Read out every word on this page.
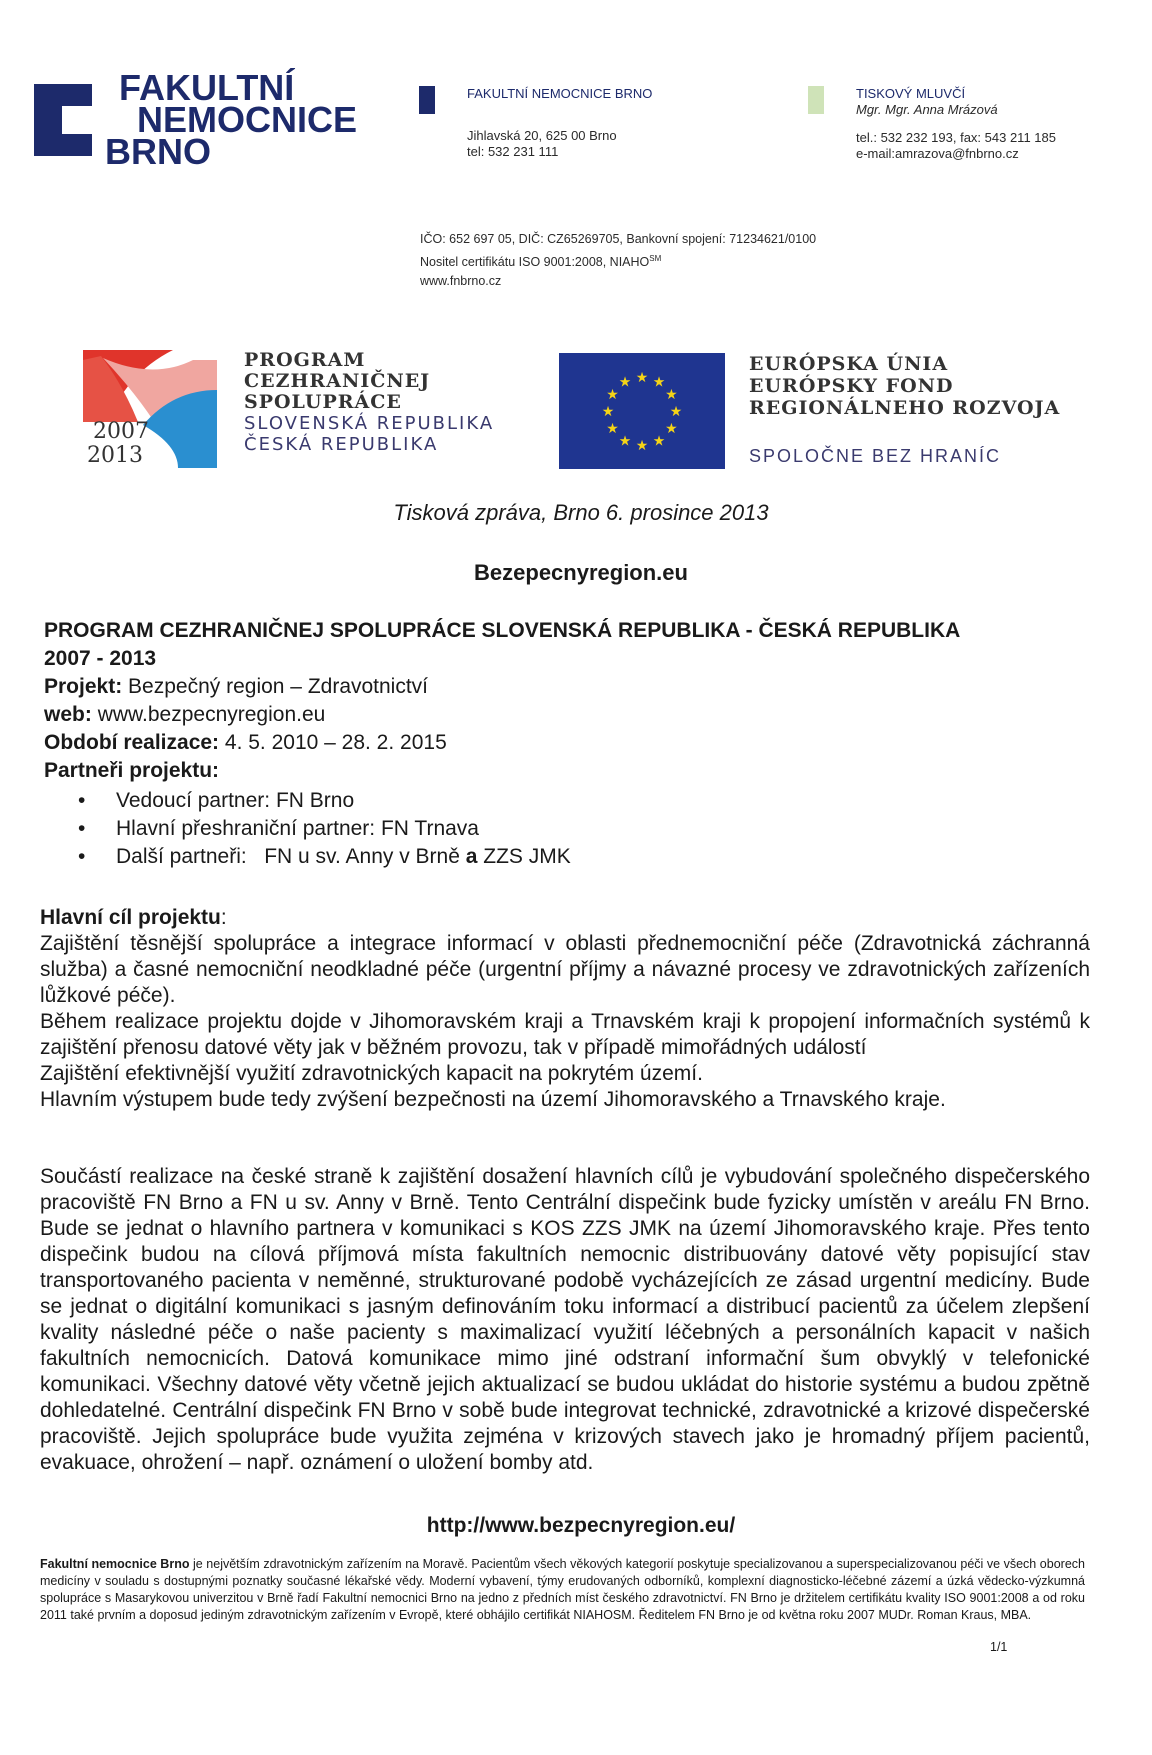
FAKULTNÍ
NEMOCNICE
BRNO
FAKULTNÍ NEMOCNICE BRNO
Jihlavská 20, 625 00 Brno
tel: 532 231 111
TISKOVÝ MLUVČÍ
Mgr. Mgr. Anna Mrázová
tel.: 532 232 193, fax: 543 211 185
e-mail:amrazova@fnbrno.cz
IČO: 652 697 05, DIČ: CZ65269705, Bankovní spojení: 71234621/0100
Nositel certifikátu ISO 9001:2008, NIAHO℠
www.fnbrno.cz
2007
2013
PROGRAM
CEZHRANIČNEJ
SPOLUPRÁCE
SLOVENSKÁ REPUBLIKA
ČESKÁ REPUBLIKA
★ ★
★
★
★
★
★
★
★
★
★
★
EURÓPSKA ÚNIA
EURÓPSKY FOND
REGIONÁLNEHO ROZVOJA
SPOLOČNE BEZ HRANÍC
Tisková zpráva, Brno 6. prosince 2013
Bezepecnyregion.eu
PROGRAM CEZHRANIČNEJ SPOLUPRÁCE SLOVENSKÁ REPUBLIKA - ČESKÁ REPUBLIKA
2007 - 2013
Projekt: Bezpečný region – Zdravotnictví
web: www.bezpecnyregion.eu
Období realizace: 4. 5. 2010 – 28. 2. 2015
Partneři projektu:
• Vedoucí partner: FN Brno
• Hlavní přeshraniční partner: FN Trnava
• Další partneři:   FN u sv. Anny v Brně a ZZS JMK
Hlavní cíl projektu:

Zajištění těsnější spolupráce a integrace informací v oblasti přednemocniční péče (Zdravotnická záchranná služba) a časné nemocniční neodkladné péče (urgentní příjmy a návazné procesy ve zdravotnických zařízeních lůžkové péče).

Během realizace projektu dojde v Jihomoravském kraji a Trnavském kraji k propojení informačních systémů k zajištění přenosu datové věty jak v běžném provozu, tak v případě mimořádných událostí

Zajištění efektivnější využití zdravotnických kapacit na pokrytém území.

Hlavním výstupem bude tedy zvýšení bezpečnosti na území Jihomoravského a Trnavského kraje.

Součástí realizace na české straně k zajištění dosažení hlavních cílů je vybudování společného dispečerského pracoviště FN Brno a FN u sv. Anny v Brně. Tento Centrální dispečink bude fyzicky umístěn v areálu FN Brno. Bude se jednat o hlavního partnera v komunikaci s KOS ZZS JMK na území Jihomoravského kraje. Přes tento dispečink budou na cílová příjmová místa fakultních nemocnic distribuovány datové věty popisující stav transportovaného pacienta v neměnné, strukturované podobě vycházejících ze zásad urgentní medicíny. Bude se jednat o digitální komunikaci s jasným definováním toku informací a distribucí pacientů za účelem zlepšení kvality následné péče o naše pacienty s maximalizací využití léčebných a personálních kapacit v našich fakultních nemocnicích. Datová komunikace mimo jiné odstraní informační šum obvyklý v telefonické komunikaci. Všechny datové věty včetně jejich aktualizací se budou ukládat do historie systému a budou zpětně dohledatelné. Centrální dispečink FN Brno v sobě bude integrovat technické, zdravotnické a krizové dispečerské pracoviště. Jejich spolupráce bude využita zejména v krizových stavech jako je hromadný příjem pacientů, evakuace, ohrožení – např. oznámení o uložení bomby atd.

http://www.bezpecnyregion.eu/

Fakultní nemocnice Brno je největším zdravotnickým zařízením na Moravě. Pacientům všech věkových kategorií poskytuje specializovanou a superspecializovanou péči ve všech oborech medicíny v souladu s dostupnými poznatky současné lékařské vědy. Moderní vybavení, týmy erudovaných odborníků, komplexní diagnosticko-léčebné zázemí a úzká vědecko-výzkumná spolupráce s Masarykovou univerzitou v Brně řadí Fakultní nemocnici Brno na jedno z předních míst českého zdravotnictví. FN Brno je držitelem certifikátu kvality ISO 9001:2008 a od roku 2011 také prvním a doposud jediným zdravotnickým zařízením v Evropě, které obhájilo certifikát NIAHOSM. Ředitelem FN Brno je od května roku 2007 MUDr. Roman Kraus, MBA.

1/1
